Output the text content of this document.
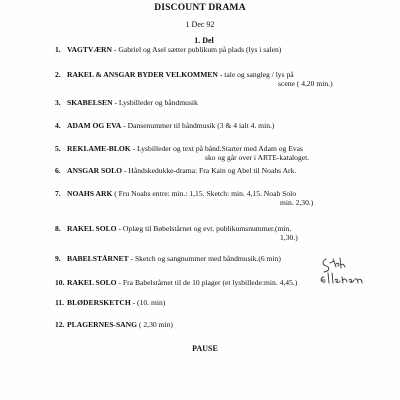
DISCOUNT DRAMA
1 Dec 92
1. Del
1. VAGTVÆRN - Gabriel og Asel sætter publikum på plads (lys i salen)
2. RAKEL & ANSGAR BYDER VELKOMMEN - tale og sangleg / lys på
scene ( 4,20 min.)
3. SKABELSEN - Lysbilleder og båndmusik
4. ADAM OG EVA - Dansenummer til båndmusik (3 & 4 ialt 4. min.)
5. REKLAME-BLOK - Lysbilleder og text på bånd.Starter med Adam og Evas
sko og går over i ARTE-kataloget.
6. ANSGAR SOLO - Håndskedukke-drama: Fra Kain og Abel til Noahs Ark.
7. NOAHS ARK ( Fru Noahs entre: min.: 1,15. Sketch: min. 4,15. Noah Solo
min. 2,30.)
8. RAKEL SOLO - Oplæg til Bøbelstårnet og evt. publikumsnummer.(min.
1,30.)
9. BABELSTÅRNET - Sketch og sangnummer med båndmusik.(6 min)
10. RAKEL SOLO - Fra Babelstårnet til de 10 plager (et lysbillede:min. 4,45.)
11. BLØDERSKETCH - (10. min)
12. PLAGERNES-SANG ( 2,30 min)
PAUSE
